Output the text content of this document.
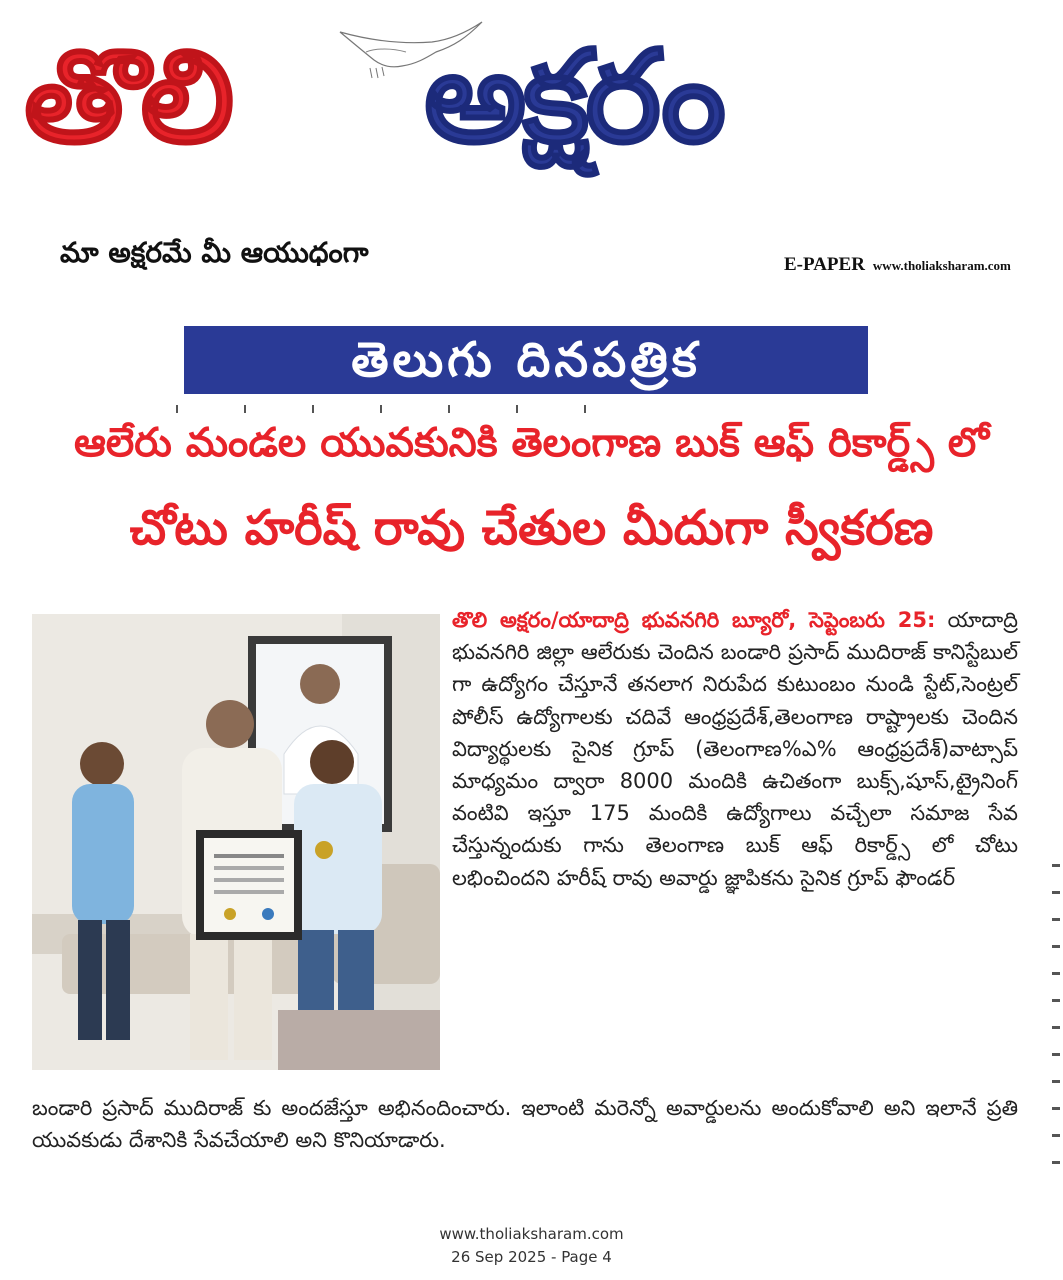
తొలి అక్షరం
మా అక్షరమే మీ ఆయుధంగా	E-PAPER www.tholiaksharam.com
తెలుగు దినపత్రిక
ఆలేరు మండల యువకునికి తెలంగాణ బుక్ ఆఫ్ రికార్డ్స్ లో
చోటు హరీష్ రావు చేతుల మీదుగా స్వీకరణ

తొలి అక్షరం/యాదాద్రి భువనగిరి బ్యూరో, సెప్టెంబరు 25: యాదాద్రి భువనగిరి జిల్లా ఆలేరుకు చెందిన బండారి ప్రసాద్ ముదిరాజ్ కానిస్టేబుల్ గా ఉద్యోగం చేస్తూనే తనలాగ నిరుపేద కుటుంబం నుండి స్టేట్,సెంట్రల్ పోలీస్ ఉద్యోగాలకు చదివే ఆంధ్రప్రదేశ్,తెలంగాణ రాష్ట్రాలకు చెందిన విద్యార్థులకు సైనిక గ్రూప్ (తెలంగాణ%ఎ% ఆంధ్రప్రదేశ్)వాట్సాప్ మాధ్యమం ద్వారా 8000 మందికి ఉచితంగా బుక్స్,షూస్,ట్రైనింగ్ వంటివి ఇస్తూ 175 మందికి ఉద్యోగాలు వచ్చేలా సమాజ సేవ చేస్తున్నందుకు గాను తెలంగాణ బుక్ ఆఫ్ రికార్డ్స్ లో చోటు లభించిందని హరీష్ రావు అవార్డు జ్ఞాపికను సైనిక గ్రూప్ ఫౌండర్

బండారి ప్రసాద్ ముదిరాజ్ కు అందజేస్తూ అభినందించారు. ఇలాంటి మరెన్నో అవార్డులను అందుకోవాలి అని ఇలానే ప్రతి యువకుడు దేశానికి సేవచేయాలి అని కొనియాడారు.

www.tholiaksharam.com
26 Sep 2025 - Page 4
